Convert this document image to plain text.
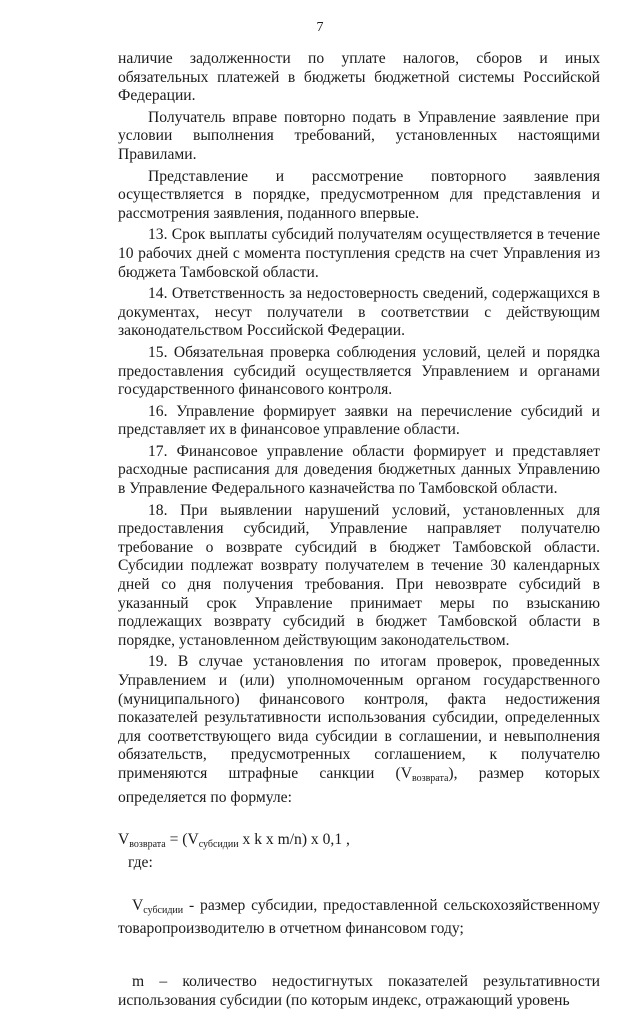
7

наличие задолженности по уплате налогов, сборов и иных обязательных платежей в бюджеты бюджетной системы Российской Федерации.

Получатель вправе повторно подать в Управление заявление при условии выполнения требований, установленных настоящими Правилами.

Представление и рассмотрение повторного заявления осуществляется в порядке, предусмотренном для представления и рассмотрения заявления, поданного впервые.

13. Срок выплаты субсидий получателям осуществляется в течение 10 рабочих дней с момента поступления средств на счет Управления из бюджета Тамбовской области.

14. Ответственность за недостоверность сведений, содержащихся в документах, несут получатели в соответствии с действующим законодательством Российской Федерации.

15. Обязательная проверка соблюдения условий, целей и порядка предоставления субсидий осуществляется Управлением и органами государственного финансового контроля.

16. Управление формирует заявки на перечисление субсидий и представляет их в финансовое управление области.

17. Финансовое управление области формирует и представляет расходные расписания для доведения бюджетных данных Управлению в Управление Федерального казначейства по Тамбовской области.

18. При выявлении нарушений условий, установленных для предоставления субсидий, Управление направляет получателю требование о возврате субсидий в бюджет Тамбовской области. Субсидии подлежат возврату получателем в течение 30 календарных дней со дня получения требования. При невозврате субсидий в указанный срок Управление принимает меры по взысканию подлежащих возврату субсидий в бюджет Тамбовской области в порядке, установленном действующим законодательством.

19. В случае установления по итогам проверок, проведенных Управлением и (или) уполномоченным органом государственного (муниципального) финансового контроля, факта недостижения показателей результативности использования субсидии, определенных для соответствующего вида субсидии в соглашении, и невыполнения обязательств, предусмотренных соглашением, к получателю применяются штрафные санкции $(V_{возврата})$, размер которых определяется по формуле:

$V_{возврата} = (V_{субсидии}$ x k x m/n) x 0,1 ,
где:

$V_{субсидии}$ - размер субсидии, предоставленной сельскохозяйственному товаропроизводителю в отчетном финансовом году;

m – количество недостигнутых показателей результативности использования субсидии (по которым индекс, отражающий уровень
